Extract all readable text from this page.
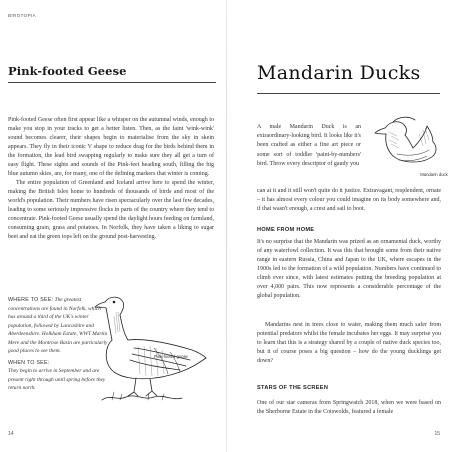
BIROTOPIA
Pink-footed Geese

Pink-footed Geese often first appear like a whisper on the autumnal winds, enough to make you stop in your tracks to get a better listen. Then, as the faint 'wink-wink' sound becomes clearer, their shapes begin to materialise from the sky in skein appears. They fly in their iconic V shape to reduce drag for the birds behind them in the formation, the lead bird swapping regularly to make sure they all get a turn of easy flight. These sights and sounds of the Pink-feet heading south, filling the big blue autumn skies, are, for many, one of the defining markers that winter is coming.
The entire population of Greenland and Iceland arrive here to spend the winter, making the British Isles home to hundreds of thousands of birds and most of the world's population. Their numbers have risen spectacularly over the last few decades, leading to some seriously impressive flocks in parts of the country where they tend to concentrate. Pink-footed Geese usually spend the daylight hours feeding on farmland, consuming grain, grass and potatoes. In Norfolk, they have taken a liking to sugar beet and eat the green tops left on the ground post-harvesting.

WHERE TO SEE: The greatest concentrations are found in Norfolk, which has around a third of the UK's winter population, followed by Lancashire and Aberdeenshire. Holkham Estate, WWT Martin Mere and the Montrose Basin are particularly good places to see them.
WHEN TO SEE:
They begin to arrive in September and are present right through until spring before they return north.
Pink-footed goose
14
Mandarin Ducks

A male Mandarin Duck is an extraordinary-looking bird. It looks like it's been crafted as either a fine art piece or some sort of toddler 'paint-by-numbers' bird. Throw every descriptor of gaudy you

Mandarin duck

can at it and it still won't quite do it justice. Extravagant, resplendent, ornate – it has almost every colour you could imagine on its body somewhere and, if that wasn't enough, a crest and sail to boot.

HOME FROM HOME

It's no surprise that the Mandarin was prized as an ornamental duck, worthy of any waterfowl collection. It was this that brought some from their native range in eastern Russia, China and Japan to the UK, where escapes in the 1900s led to the formation of a wild population. Numbers have continued to climb ever since, with latest estimates putting the breeding population at over 4,000 pairs. This now represents a considerable percentage of the global population.

Mandarins nest in trees close to water, making them much safer from potential predators whilst the female incubates her eggs. It may surprise you to learn that this is a strategy shared by a couple of native duck species too, but it of course poses a big question – how do the young ducklings get down?

STARS OF THE SCREEN

One of our star cameras from Springwatch 2018, when we were based on the Sherborne Estate in the Cotswolds, featured a female

15
